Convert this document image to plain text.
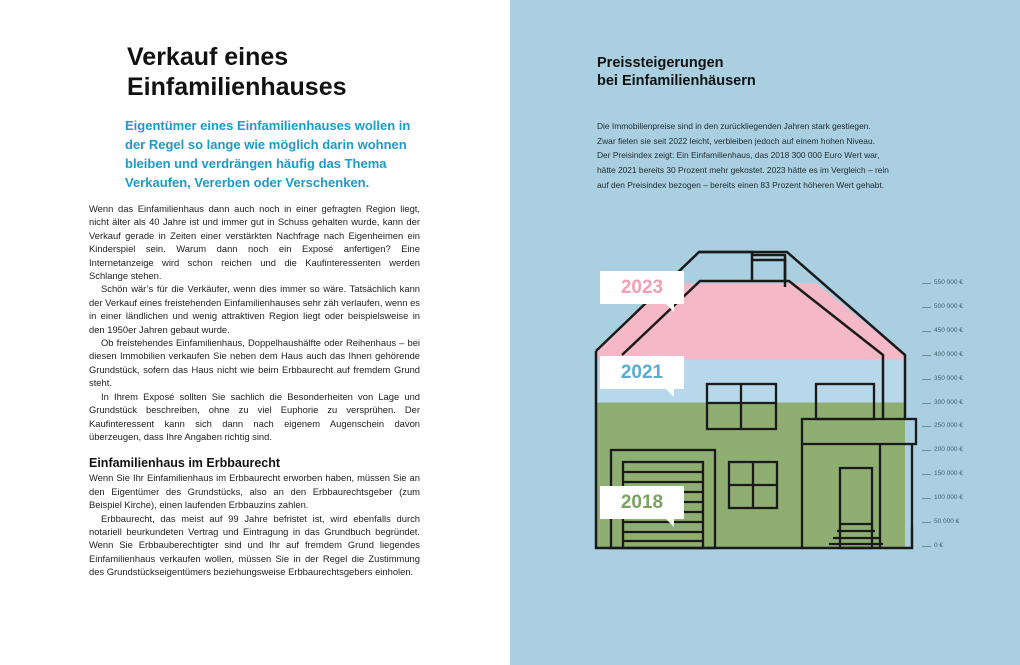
Verkauf eines
Einfamilienhauses

Eigentümer eines Einfamilienhauses wollen in der Regel so lange wie möglich darin wohnen bleiben und verdrängen häufig das Thema Verkaufen, Vererben oder Verschenken.

Wenn das Einfamilienhaus dann auch noch in einer gefragten Region liegt, nicht älter als 40 Jahre ist und immer gut in Schuss gehalten wurde, kann der Verkauf gerade in Zeiten einer verstärkten Nachfrage nach Eigenheimen ein Kinderspiel sein. Warum dann noch ein Exposé anfertigen? Eine Internetanzeige wird schon reichen und die Kaufinteressenten werden Schlange stehen.

Schön wär’s für die Verkäufer, wenn dies immer so wäre. Tatsächlich kann der Verkauf eines freistehenden Einfamilienhauses sehr zäh verlaufen, wenn es in einer ländlichen und wenig attraktiven Region liegt oder beispielsweise in den 1950er Jahren gebaut wurde.

Ob freistehendes Einfamilienhaus, Doppelhaushälfte oder Reihenhaus – bei diesen Immobilien verkaufen Sie neben dem Haus auch das Ihnen gehörende Grundstück, sofern das Haus nicht wie beim Erbbaurecht auf fremdem Grund steht.

In Ihrem Exposé sollten Sie sachlich die Besonderheiten von Lage und Grundstück beschreiben, ohne zu viel Euphorie zu versprühen. Der Kaufinteressent kann sich dann nach eigenem Augenschein davon überzeugen, dass Ihre Angaben richtig sind.

Einfamilienhaus im Erbbaurecht

Wenn Sie Ihr Einfamilienhaus im Erbbaurecht erworben haben, müssen Sie an den Eigentümer des Grundstücks, also an den Erbbaurechtsgeber (zum Beispiel Kirche), einen laufenden Erbbauzins zahlen.

Erbbaurecht, das meist auf 99 Jahre befristet ist, wird ebenfalls durch notariell beurkundeten Vertrag und Eintragung in das Grundbuch begründet. Wenn Sie Erbbauberechtigter sind und Ihr auf fremdem Grund liegendes Einfamilienhaus verkaufen wollen, müssen Sie in der Regel die Zustimmung des Grundstückseigentümers beziehungsweise Erbbaurechtsgebers einholen.

Preissteigerungen
bei Einfamilienhäusern

Die Immobilienpreise sind in den zurückliegenden Jahren stark gestiegen.
Zwar fielen sie seit 2022 leicht, verbleiben jedoch auf einem hohen Niveau.
Der Preisindex zeigt: Ein Einfamilienhaus, das 2018 300 000 Euro Wert war,
hätte 2021 bereits 30 Prozent mehr gekostet. 2023 hätte es im Vergleich – rein
auf den Preisindex bezogen – bereits einen 83 Prozent höheren Wert gehabt.

550 000 €
500 000 €
450 000 €
400 000 €
350 000 €
300 000 €
250 000 €
200 000 €
150 000 €
100 000 €
50 000 €
0 €
2023
2021
2018
